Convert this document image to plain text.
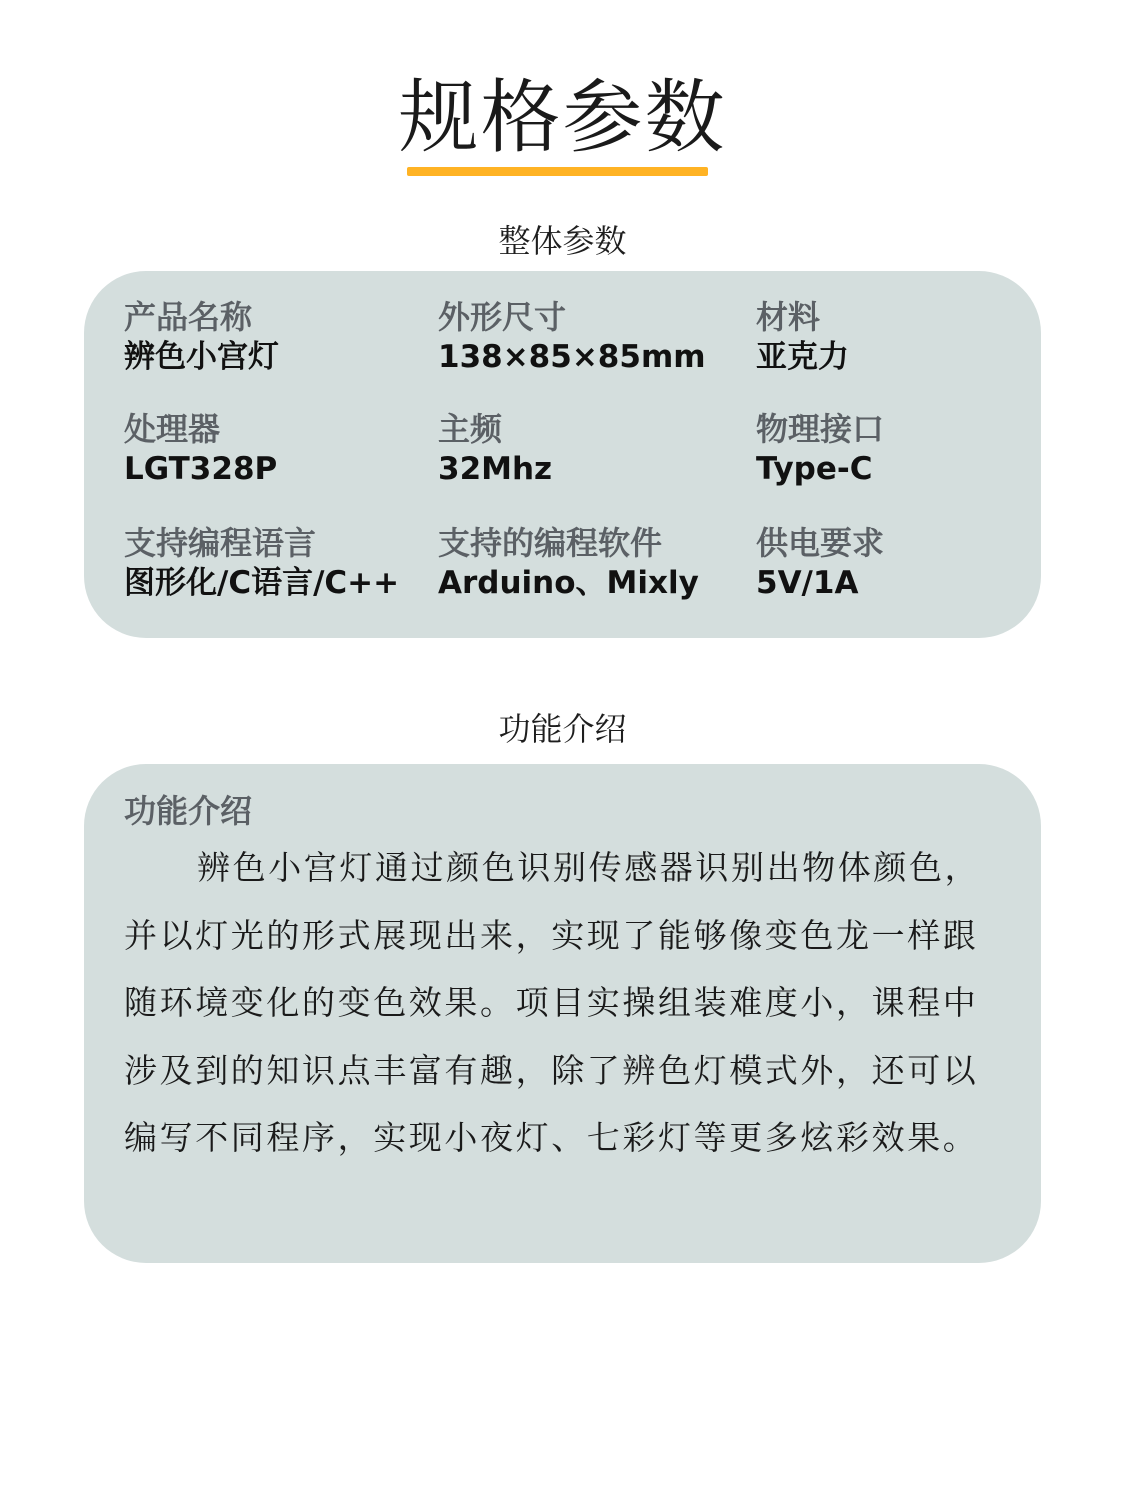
规格参数
整体参数
产品名称
辨色小宫灯
外形尺寸
138×85×85mm
材料
亚克力
处理器
LGT328P
主频
32Mhz
物理接口
Type-C
支持编程语言
图形化/C语言/C++
支持的编程软件
Arduino、Mixly
供电要求
5V/1A
功能介绍
功能介绍

辨色小宫灯通过颜色识别传感器识别出物体颜色，并以灯光的形式展现出来，实现了能够像变色龙一样跟随环境变化的变色效果。项目实操组装难度小，课程中涉及到的知识点丰富有趣，除了辨色灯模式外，还可以编写不同程序，实现小夜灯、七彩灯等更多炫彩效果。
